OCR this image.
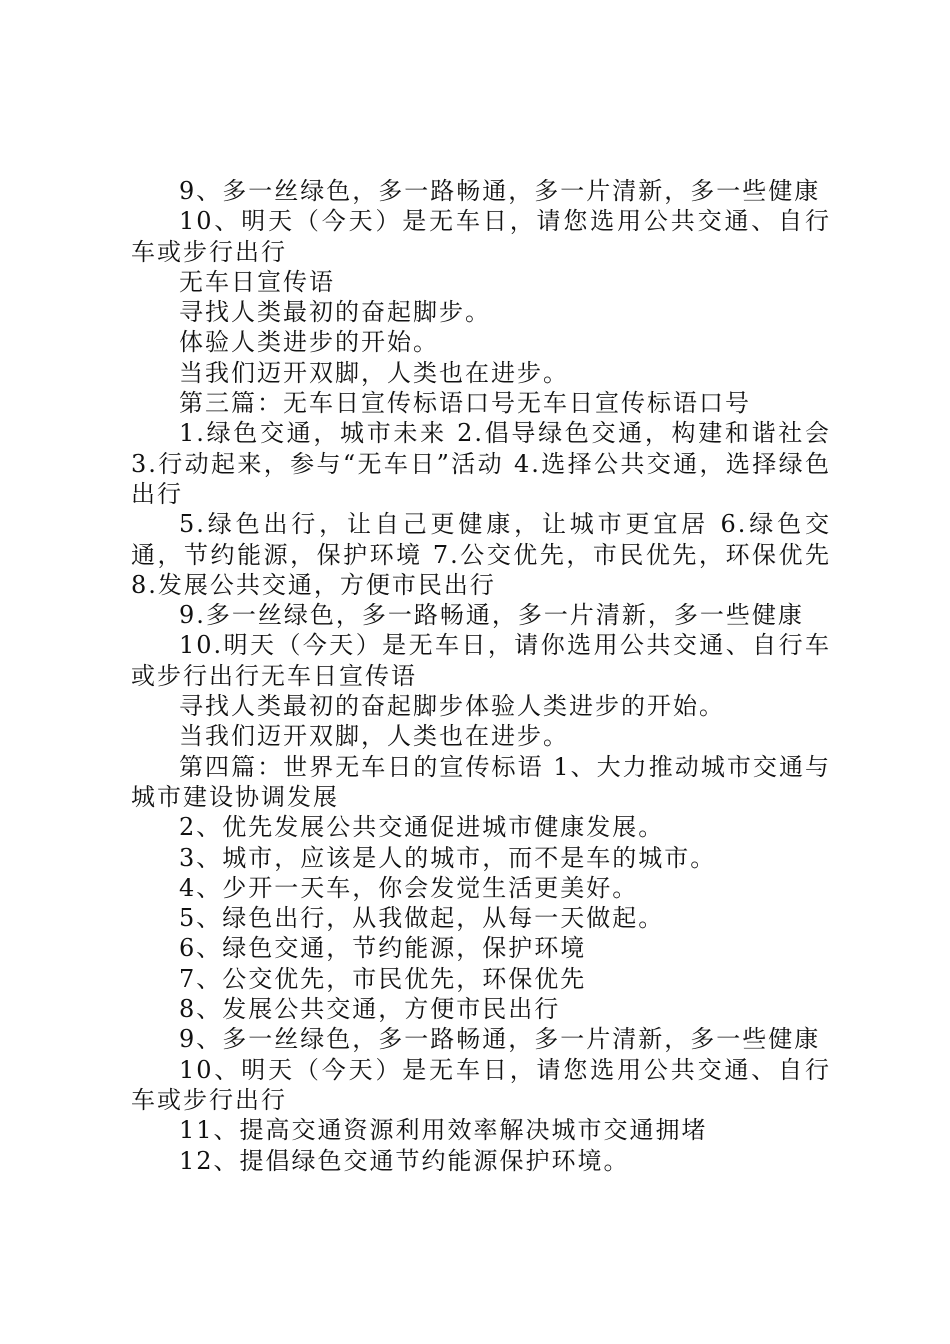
9、多一丝绿色，多一路畅通，多一片清新，多一些健康

10、明天（今天）是无车日，请您选用公共交通、自行车或步行出行

无车日宣传语

寻找人类最初的奋起脚步。

体验人类进步的开始。

当我们迈开双脚，人类也在进步。

第三篇：无车日宣传标语口号无车日宣传标语口号

1.绿色交通，城市未来 2.倡导绿色交通，构建和谐社会 3.行动起来，参与“无车日”活动 4.选择公共交通，选择绿色出行

5.绿色出行，让自己更健康，让城市更宜居 6.绿色交通，节约能源，保护环境 7.公交优先，市民优先，环保优先 8.发展公共交通，方便市民出行

9.多一丝绿色，多一路畅通，多一片清新，多一些健康

10.明天（今天）是无车日，请你选用公共交通、自行车或步行出行无车日宣传语

寻找人类最初的奋起脚步体验人类进步的开始。

当我们迈开双脚，人类也在进步。

第四篇：世界无车日的宣传标语 1、大力推动城市交通与城市建设协调发展

2、优先发展公共交通促进城市健康发展。

3、城市，应该是人的城市，而不是车的城市。

4、少开一天车，你会发觉生活更美好。

5、绿色出行，从我做起，从每一天做起。

6、绿色交通，节约能源，保护环境

7、公交优先，市民优先，环保优先

8、发展公共交通，方便市民出行

9、多一丝绿色，多一路畅通，多一片清新，多一些健康

10、明天（今天）是无车日，请您选用公共交通、自行车或步行出行

11、提高交通资源利用效率解决城市交通拥堵

12、提倡绿色交通节约能源保护环境。
